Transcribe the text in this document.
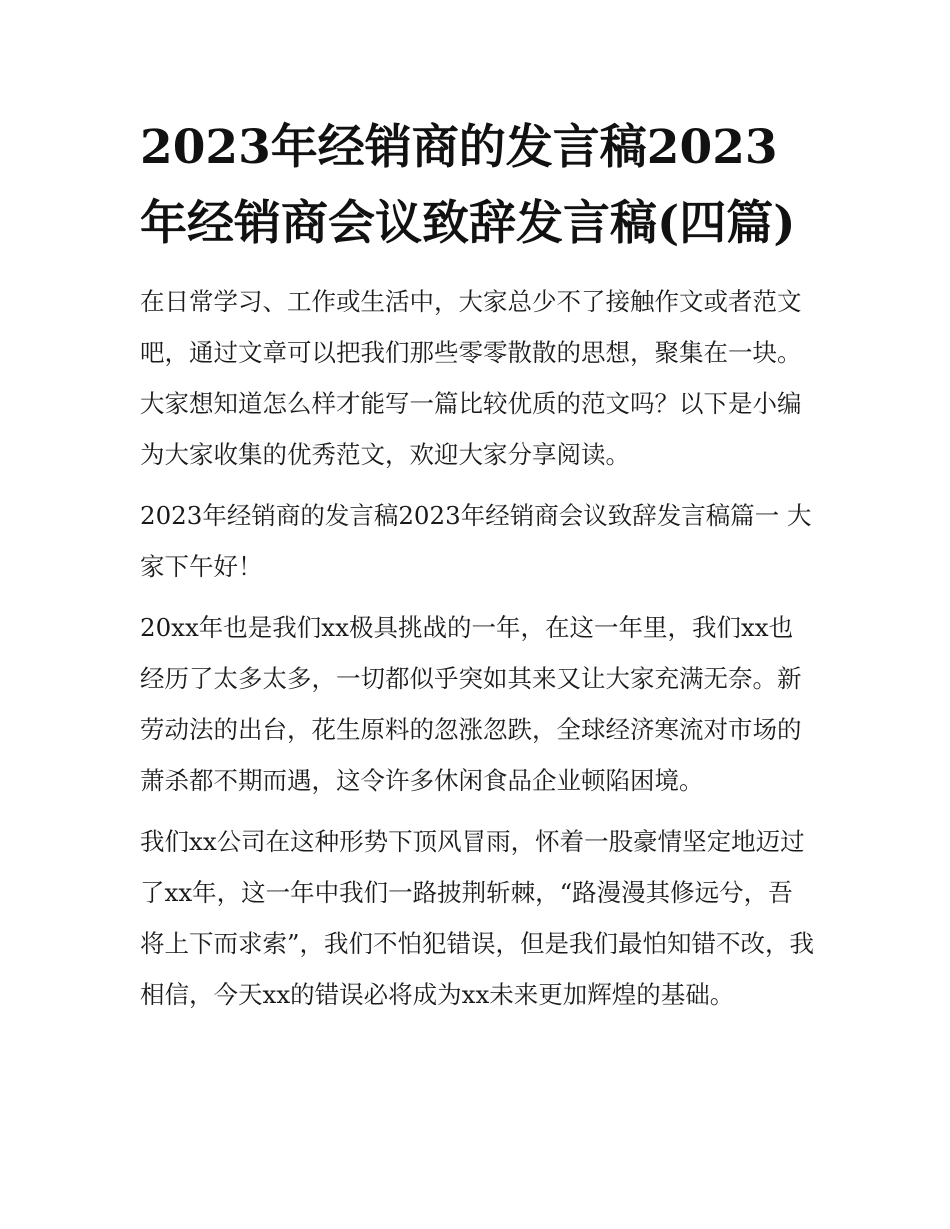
2023年经销商的发言稿2023年经销商会议致辞发言稿(四篇)

在日常学习、工作或生活中，大家总少不了接触作文或者范文吧，通过文章可以把我们那些零零散散的思想，聚集在一块。大家想知道怎么样才能写一篇比较优质的范文吗？以下是小编为大家收集的优秀范文，欢迎大家分享阅读。

2023年经销商的发言稿2023年经销商会议致辞发言稿篇一 大家下午好！

20xx年也是我们xx极具挑战的一年，在这一年里，我们xx也经历了太多太多，一切都似乎突如其来又让大家充满无奈。新劳动法的出台，花生原料的忽涨忽跌，全球经济寒流对市场的萧杀都不期而遇，这令许多休闲食品企业顿陷困境。

我们xx公司在这种形势下顶风冒雨，怀着一股豪情坚定地迈过了xx年，这一年中我们一路披荆斩棘，“路漫漫其修远兮，吾将上下而求索”，我们不怕犯错误，但是我们最怕知错不改，我相信，今天xx的错误必将成为xx未来更加辉煌的基础。
